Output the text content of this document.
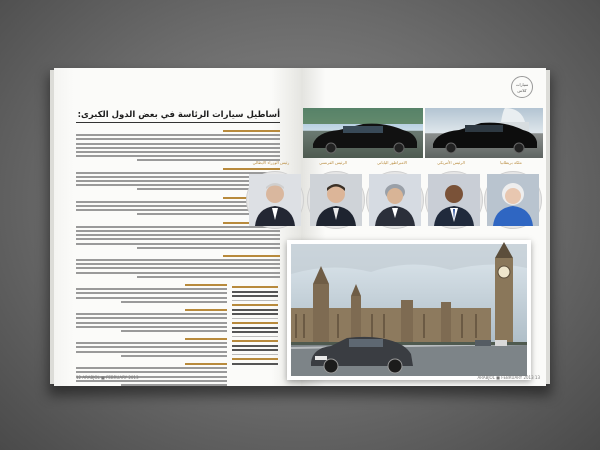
أساطيل سيارات الرئاسة في بعض الدول الكبرى:
12 ARABJOL ■ FEBRUARY 2013
سيارات كلاس
ملكة بريطانيا
الرئيس الأمريكي
الامبراطور الياباني
الرئيس الفرنسي
رئيس الوزراء الايطالي
ARABJOL ■ FEBRUARY 2013 13
